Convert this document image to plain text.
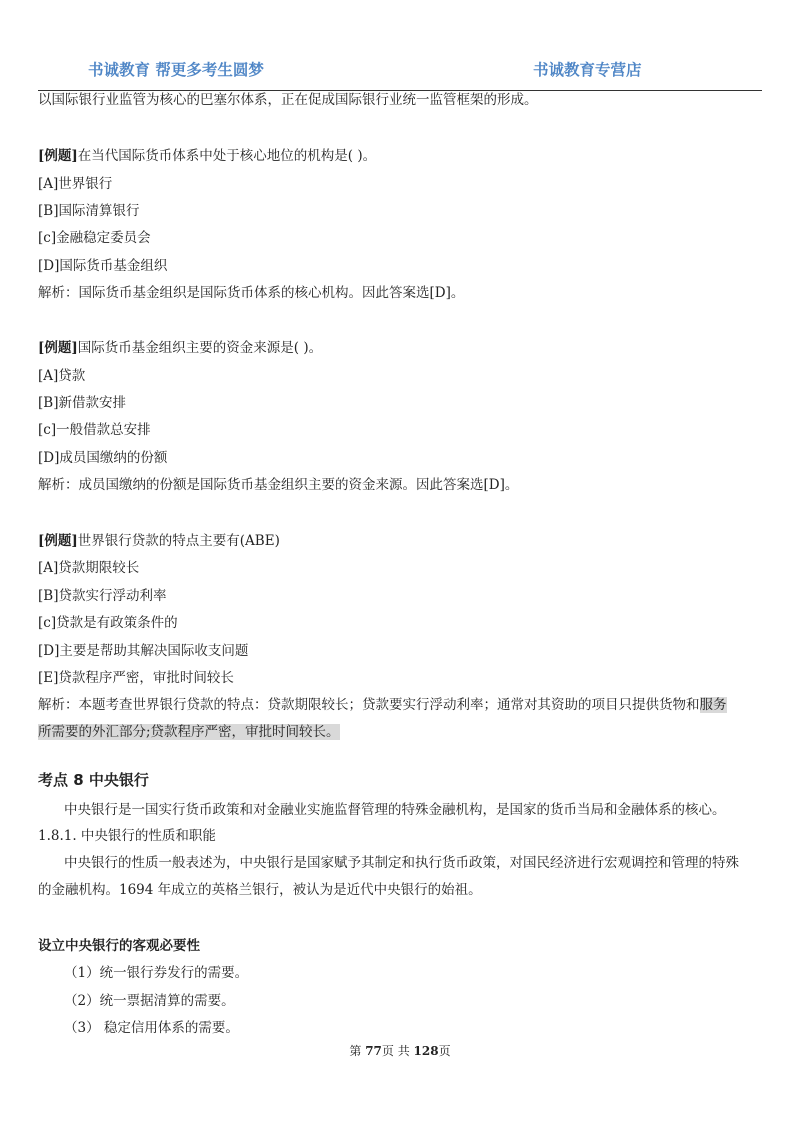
书诚教育 帮更多考生圆梦	书诚教育专营店
以国际银行业监管为核心的巴塞尔体系，正在促成国际银行业统一监管框架的形成。
[例题]在当代国际货币体系中处于核心地位的机构是( )。
[A]世界银行
[B]国际清算银行
[c]金融稳定委员会
[D]国际货币基金组织
解析：国际货币基金组织是国际货币体系的核心机构。因此答案选[D]。
[例题]国际货币基金组织主要的资金来源是( )。
[A]贷款
[B]新借款安排
[c]一般借款总安排
[D]成员国缴纳的份额
解析：成员国缴纳的份额是国际货币基金组织主要的资金来源。因此答案选[D]。
[例题]世界银行贷款的特点主要有(ABE)
[A]贷款期限较长
[B]贷款实行浮动利率
[c]贷款是有政策条件的
[D]主要是帮助其解决国际收支问题
[E]贷款程序严密，审批时间较长
解析：本题考查世界银行贷款的特点：贷款期限较长；贷款要实行浮动利率；通常对其资助的项目只提供货物和服务
所需要的外汇部分;贷款程序严密，审批时间较长。
考点 8 中央银行
中央银行是一国实行货币政策和对金融业实施监督管理的特殊金融机构，是国家的货币当局和金融体系的核心。
1.8.1. 中央银行的性质和职能
中央银行的性质一般表述为，中央银行是国家赋予其制定和执行货币政策，对国民经济进行宏观调控和管理的特殊
的金融机构。1694 年成立的英格兰银行，被认为是近代中央银行的始祖。
设立中央银行的客观必要性
（1）统一银行券发行的需要。
（2）统一票据清算的需要。
（3） 稳定信用体系的需要。
第 77页 共 128页
